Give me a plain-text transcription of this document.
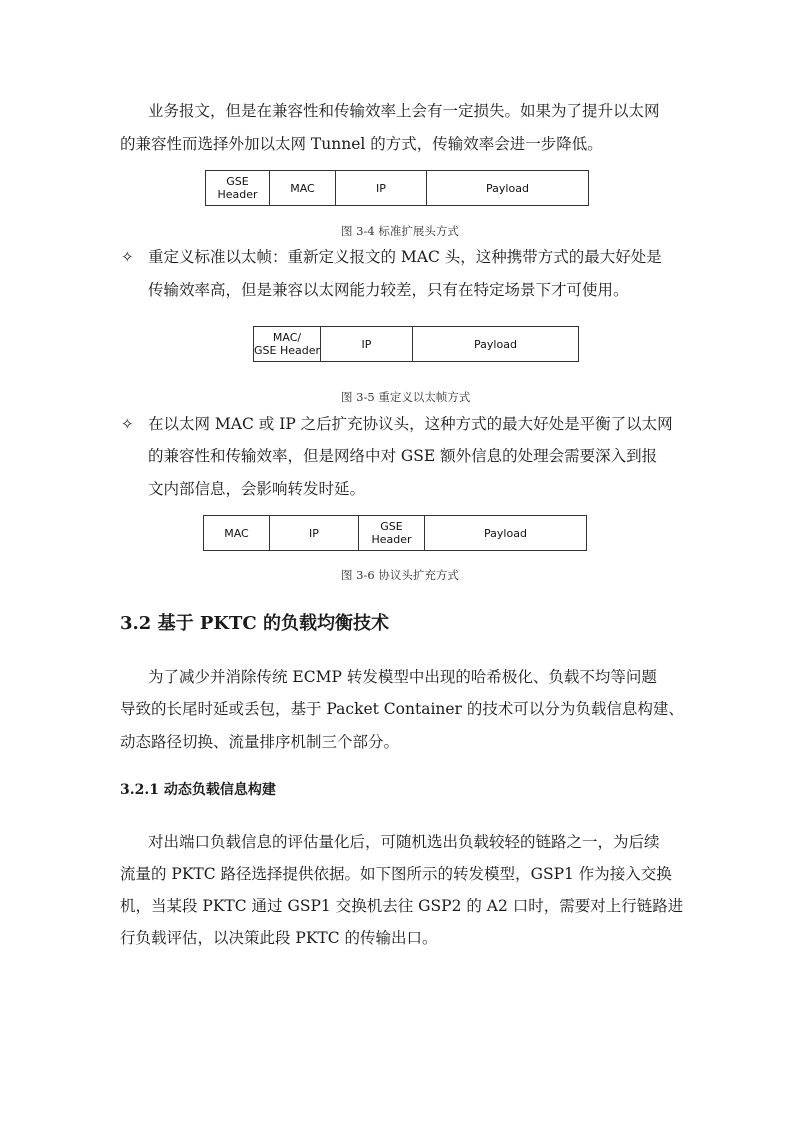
业务报文，但是在兼容性和传输效率上会有一定损失。如果为了提升以太网
的兼容性而选择外加以太网 Tunnel 的方式，传输效率会进一步降低。
GSE Header	MAC	IP	Payload
图 3-4 标准扩展头方式
✧ 重定义标准以太帧：重新定义报文的 MAC 头，这种携带方式的最大好处是
传输效率高，但是兼容以太网能力较差，只有在特定场景下才可使用。
MAC/
GSE Header	IP	Payload
图 3-5 重定义以太帧方式
✧ 在以太网 MAC 或 IP 之后扩充协议头，这种方式的最大好处是平衡了以太网
的兼容性和传输效率，但是网络中对 GSE 额外信息的处理会需要深入到报
文内部信息，会影响转发时延。
MAC	IP	GSE Header	Payload
图 3-6 协议头扩充方式
3.2 基于 PKTC 的负载均衡技术
为了减少并消除传统 ECMP 转发模型中出现的哈希极化、负载不均等问题
导致的长尾时延或丢包，基于 Packet Container 的技术可以分为负载信息构建、
动态路径切换、流量排序机制三个部分。
3.2.1 动态负载信息构建
对出端口负载信息的评估量化后，可随机选出负载较轻的链路之一，为后续
流量的 PKTC 路径选择提供依据。如下图所示的转发模型，GSP1 作为接入交换
机，当某段 PKTC 通过 GSP1 交换机去往 GSP2 的 A2 口时，需要对上行链路进
行负载评估，以决策此段 PKTC 的传输出口。
